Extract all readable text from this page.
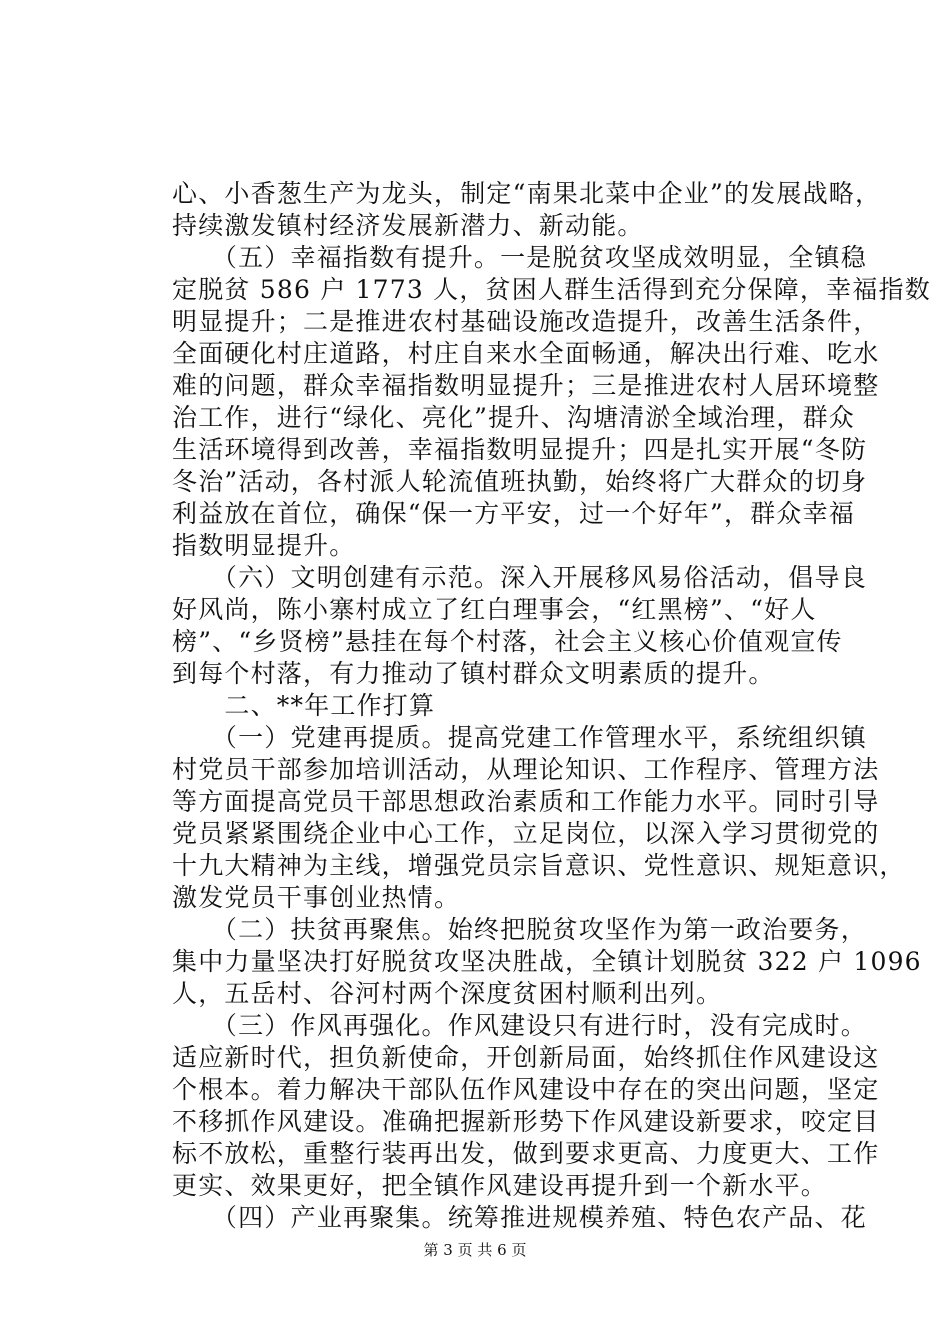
心、小香葱生产为龙头，制定“南果北菜中企业”的发展战略，
持续激发镇村经济发展新潜力、新动能。
　　（五）幸福指数有提升。一是脱贫攻坚成效明显，全镇稳
定脱贫 586 户 1773 人，贫困人群生活得到充分保障，幸福指数
明显提升；二是推进农村基础设施改造提升，改善生活条件，
全面硬化村庄道路，村庄自来水全面畅通，解决出行难、吃水
难的问题，群众幸福指数明显提升；三是推进农村人居环境整
治工作，进行“绿化、亮化”提升、沟塘清淤全域治理，群众
生活环境得到改善，幸福指数明显提升；四是扎实开展“冬防
冬治”活动，各村派人轮流值班执勤，始终将广大群众的切身
利益放在首位，确保“保一方平安，过一个好年”，群众幸福
指数明显提升。
　　（六）文明创建有示范。深入开展移风易俗活动，倡导良
好风尚，陈小寨村成立了红白理事会，“红黑榜”、“好人
榜”、“乡贤榜”悬挂在每个村落，社会主义核心价值观宣传
到每个村落，有力推动了镇村群众文明素质的提升。
　　二、**年工作打算
　　（一）党建再提质。提高党建工作管理水平，系统组织镇
村党员干部参加培训活动，从理论知识、工作程序、管理方法
等方面提高党员干部思想政治素质和工作能力水平。同时引导
党员紧紧围绕企业中心工作，立足岗位，以深入学习贯彻党的
十九大精神为主线，增强党员宗旨意识、党性意识、规矩意识，
激发党员干事创业热情。
　　（二）扶贫再聚焦。始终把脱贫攻坚作为第一政治要务，
集中力量坚决打好脱贫攻坚决胜战，全镇计划脱贫 322 户 1096
人，五岳村、谷河村两个深度贫困村顺利出列。
　　（三）作风再强化。作风建设只有进行时，没有完成时。
适应新时代，担负新使命，开创新局面，始终抓住作风建设这
个根本。着力解决干部队伍作风建设中存在的突出问题，坚定
不移抓作风建设。准确把握新形势下作风建设新要求，咬定目
标不放松，重整行装再出发，做到要求更高、力度更大、工作
更实、效果更好，把全镇作风建设再提升到一个新水平。
　　（四）产业再聚集。统筹推进规模养殖、特色农产品、花
第 3 页 共 6 页
